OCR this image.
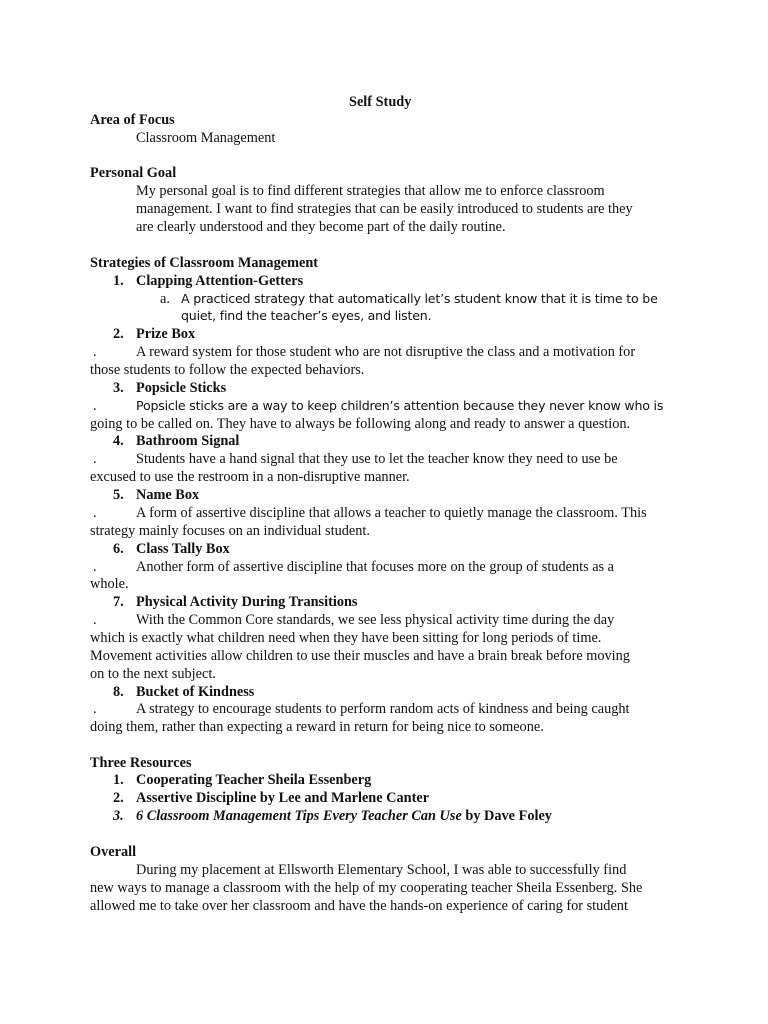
Self Study
Area of Focus
Classroom Management
Personal Goal
My personal goal is to find different strategies that allow me to enforce classroom
management. I want to find strategies that can be easily introduced to students are they
are clearly understood and they become part of the daily routine.
Strategies of Classroom Management
1. Clapping Attention-Getters
a. A practiced strategy that automatically let’s student know that it is time to be
quiet, find the teacher’s eyes, and listen.
2. Prize Box
.	A reward system for those student who are not disruptive the class and a motivation for
those students to follow the expected behaviors.
3. Popsicle Sticks
.	Popsicle sticks are a way to keep children’s attention because they never know who is
going to be called on. They have to always be following along and ready to answer a question.
4. Bathroom Signal
.	Students have a hand signal that they use to let the teacher know they need to use be
excused to use the restroom in a non-disruptive manner.
5. Name Box
.	A form of assertive discipline that allows a teacher to quietly manage the classroom. This
strategy mainly focuses on an individual student.
6. Class Tally Box
.	Another form of assertive discipline that focuses more on the group of students as a
whole.
7. Physical Activity During Transitions
.	With the Common Core standards, we see less physical activity time during the day
which is exactly what children need when they have been sitting for long periods of time.
Movement activities allow children to use their muscles and have a brain break before moving
on to the next subject.
8. Bucket of Kindness
.	A strategy to encourage students to perform random acts of kindness and being caught
doing them, rather than expecting a reward in return for being nice to someone.
Three Resources
1. Cooperating Teacher Sheila Essenberg
2. Assertive Discipline by Lee and Marlene Canter
3. 6 Classroom Management Tips Every Teacher Can Use by Dave Foley
Overall
During my placement at Ellsworth Elementary School, I was able to successfully find
new ways to manage a classroom with the help of my cooperating teacher Sheila Essenberg. She
allowed me to take over her classroom and have the hands-on experience of caring for student
